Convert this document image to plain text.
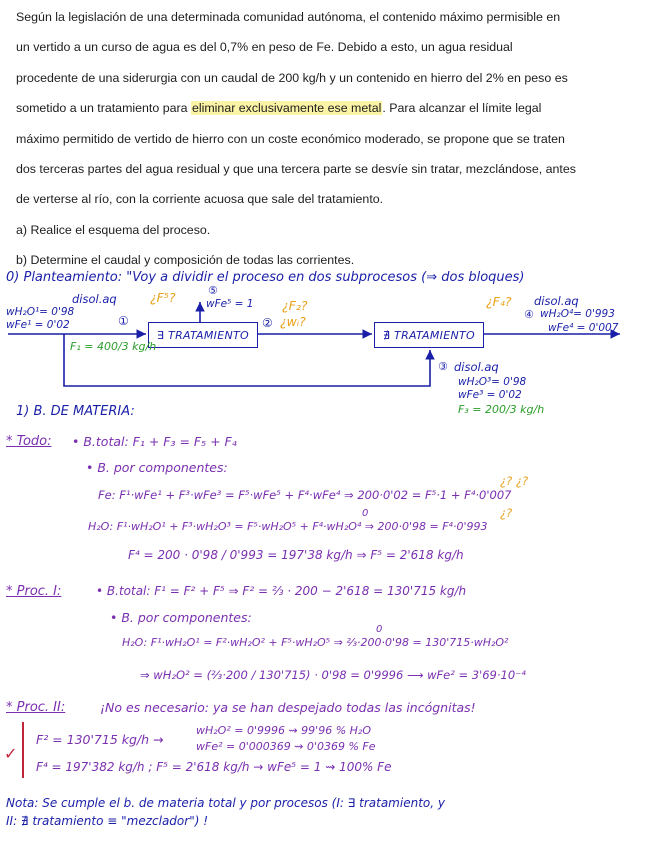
Según la legislación de una determinada comunidad autónoma, el contenido máximo permisible en

un vertido a un curso de agua es del 0,7% en peso de Fe. Debido a esto, un agua residual

procedente de una siderurgia con un caudal de 200 kg/h y un contenido en hierro del 2% en peso es

sometido a un tratamiento para eliminar exclusivamente ese metal. Para alcanzar el límite legal

máximo permitido de vertido de hierro con un coste económico moderado, se propone que se traten

dos terceras partes del agua residual y que una tercera parte se desvíe sin tratar, mezclándose, antes

de verterse al río, con la corriente acuosa que sale del tratamiento.

a) Realice el esquema del proceso.

b) Determine el caudal y composición de todas las corrientes.

0) Planteamiento: "Voy a dividir el proceso en dos subprocesos (⇒ dos bloques)
∃ TRATAMIENTO	∄ TRATAMIENTO
disol.aq
wH₂O¹= 0'98
wFe¹ = 0'02	①
F₁ = 400/3 kg/h
¿F⁵?	⑤
wFe⁵ = 1
②
¿F₂?
¿wᵢ?
¿F₄? disol.aq
④ wH₂O⁴= 0'993
wFe⁴ = 0'007
③ disol.aq
wH₂O³= 0'98
wFe³ = 0'02
F₃ = 200/3 kg/h
1) B. DE MATERIA:
* Todo: • B.total: F₁ + F₃ = F₅ + F₄
• B. por componentes:
¿? ¿?
Fe: F¹·wFe¹ + F³·wFe³ = F⁵·wFe⁵ + F⁴·wFe⁴ ⇒ 200·0'02 = F⁵·1 + F⁴·0'007
¿?
0
H₂O: F¹·wH₂O¹ + F³·wH₂O³ = F⁵·wH₂O⁵ + F⁴·wH₂O⁴ ⇒ 200·0'98 = F⁴·0'993
F⁴ = 200 · 0'98 / 0'993 = 197'38 kg/h ⇒ F⁵ = 2'618 kg/h
* Proc. I:	• B.total: F¹ = F² + F⁵ ⇒ F² = ⅔ · 200 − 2'618 = 130'715 kg/h
• B. por componentes:
0
H₂O: F¹·wH₂O¹ = F²·wH₂O² + F⁵·wH₂O⁵ ⇒ ⅔·200·0'98 = 130'715·wH₂O²
⇒ wH₂O² = (⅔·200 / 130'715) · 0'98 = 0'9996 ⟶ wFe² = 3'69·10⁻⁴
* Proc. II:	¡No es necesario: ya se han despejado todas las incógnitas!
✓
F² = 130'715 kg/h →
wH₂O² = 0'9996 ⇝ 99'96 % H₂O
wFe² = 0'000369 ⇝ 0'0369 % Fe
F⁴ = 197'382 kg/h ; F⁵ = 2'618 kg/h → wFe⁵ = 1 ⇝ 100% Fe
Nota: Se cumple el b. de materia total y por procesos (I: ∃ tratamiento, y
II: ∄ tratamiento ≡ "mezclador") !
